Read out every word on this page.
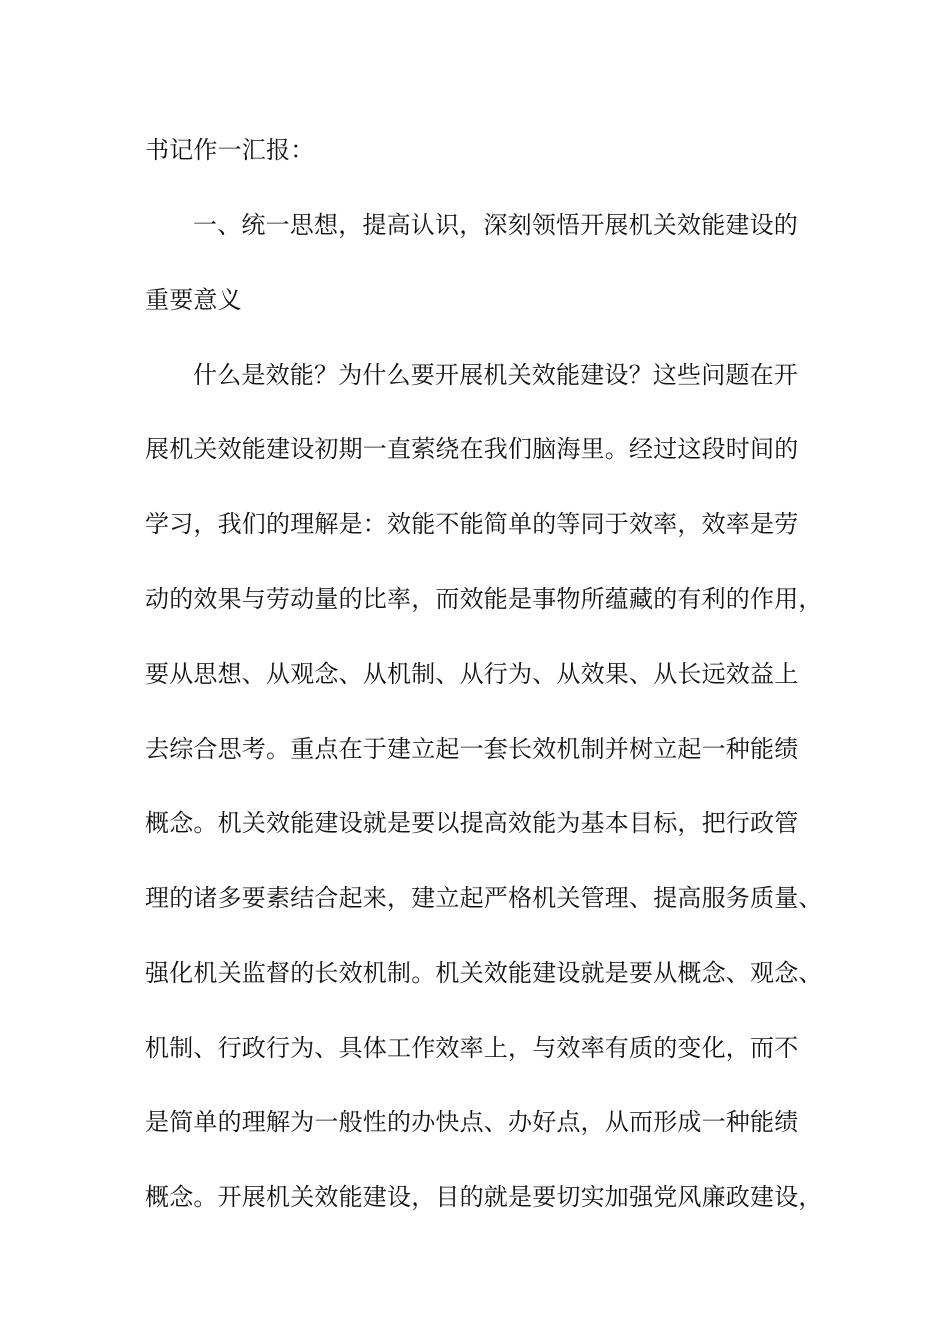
书记作一汇报：

一、统一思想，提高认识，深刻领悟开展机关效能建设的

重要意义

什么是效能？为什么要开展机关效能建设？这些问题在开

展机关效能建设初期一直萦绕在我们脑海里。经过这段时间的

学习，我们的理解是：效能不能简单的等同于效率，效率是劳

动的效果与劳动量的比率，而效能是事物所蕴藏的有利的作用，

要从思想、从观念、从机制、从行为、从效果、从长远效益上

去综合思考。重点在于建立起一套长效机制并树立起一种能绩

概念。机关效能建设就是要以提高效能为基本目标，把行政管

理的诸多要素结合起来，建立起严格机关管理、提高服务质量、

强化机关监督的长效机制。机关效能建设就是要从概念、观念、

机制、行政行为、具体工作效率上，与效率有质的变化，而不

是简单的理解为一般性的办快点、办好点，从而形成一种能绩

概念。开展机关效能建设，目的就是要切实加强党风廉政建设，
